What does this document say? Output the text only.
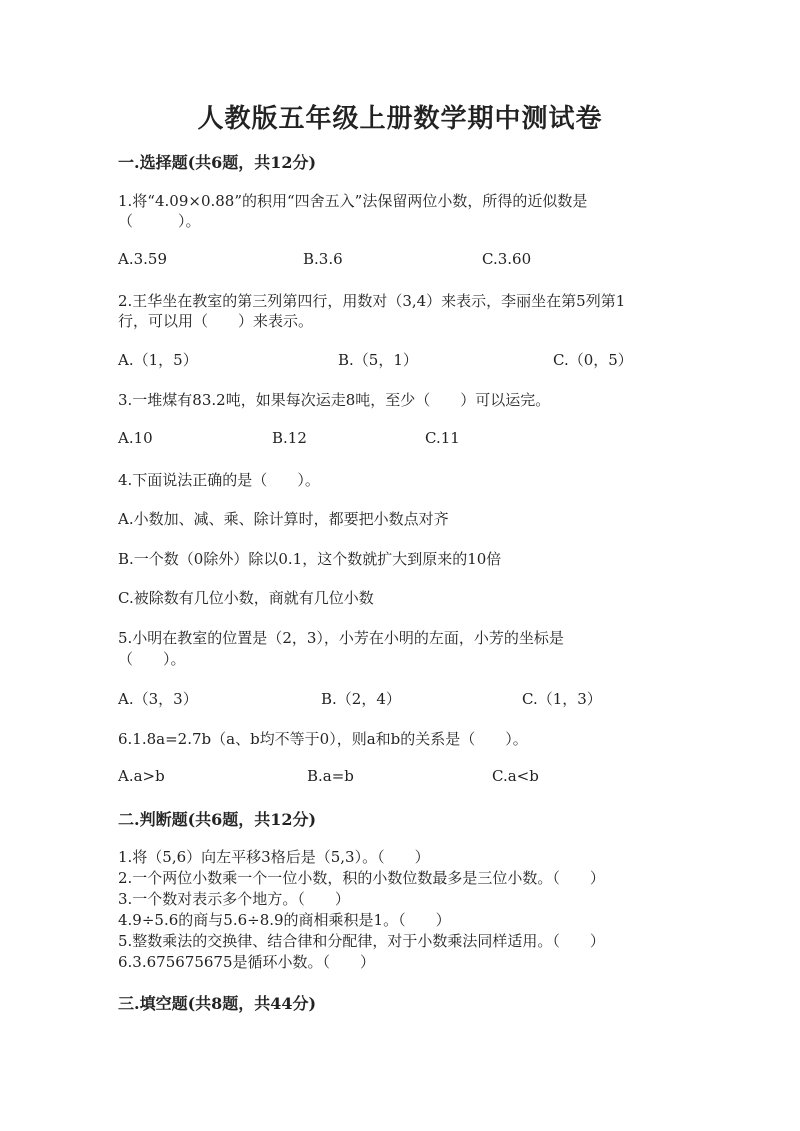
人教版五年级上册数学期中测试卷
一.选择题(共6题，共12分)
1.将“4.09×0.88”的积用“四舍五入”法保留两位小数，所得的近似数是
（　　　）。
A.3.59	B.3.6	C.3.60
2.王华坐在教室的第三列第四行，用数对（3,4）来表示，李丽坐在第5列第1
行，可以用（　　）来表示。
A.（1，5）	B.（5，1）	C.（0，5）
3.一堆煤有83.2吨，如果每次运走8吨，至少（　　）可以运完。
A.10	B.12	C.11
4.下面说法正确的是（　　）。
A.小数加、减、乘、除计算时，都要把小数点对齐
B.一个数（0除外）除以0.1，这个数就扩大到原来的10倍
C.被除数有几位小数，商就有几位小数
5.小明在教室的位置是（2，3），小芳在小明的左面，小芳的坐标是
（　　）。
A.（3，3）	B.（2，4）	C.（1，3）
6.1.8a=2.7b（a、b均不等于0），则a和b的关系是（　　）。
A.a>b	B.a=b	C.a<b
二.判断题(共6题，共12分)
1.将（5,6）向左平移3格后是（5,3）。（　　）
2.一个两位小数乘一个一位小数，积的小数位数最多是三位小数。（　　）
3.一个数对表示多个地方。（　　）
4.9÷5.6的商与5.6÷8.9的商相乘积是1。（　　）
5.整数乘法的交换律、结合律和分配律，对于小数乘法同样适用。（　　）
6.3.675675675是循环小数。（　　）
三.填空题(共8题，共44分)
